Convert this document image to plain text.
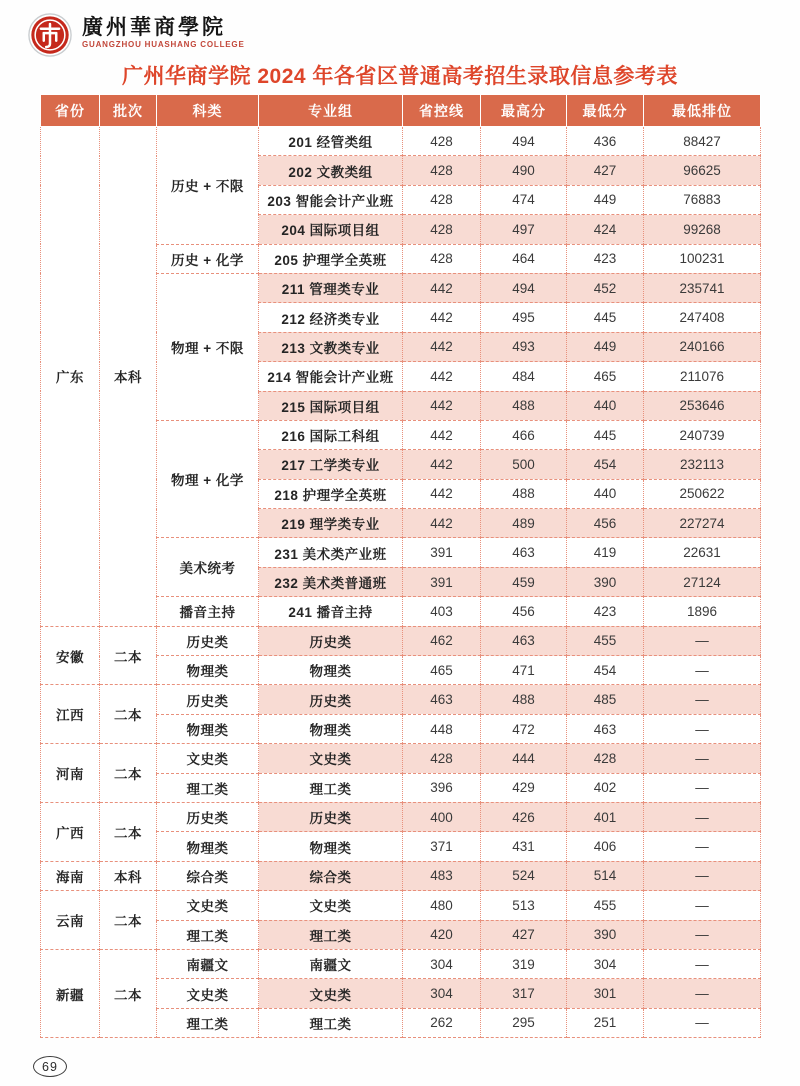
廣州華商學院
GUANGZHOU HUASHANG COLLEGE
广州华商学院 2024 年各省区普通高考招生录取信息参考表
省份	批次	科类	专业组	省控线	最高分	最低分	最低排位
广东	本科	历史 + 不限	201 经管类组	428	494	436	88427
			202 文教类组	428	490	427	96625
			203 智能会计产业班	428	474	449	76883
			204 国际项目组	428	497	424	99268
		历史 + 化学	205 护理学全英班	428	464	423	100231
		物理 + 不限	211 管理类专业	442	494	452	235741
			212 经济类专业	442	495	445	247408
			213 文教类专业	442	493	449	240166
			214 智能会计产业班	442	484	465	211076
			215 国际项目组	442	488	440	253646
		物理 + 化学	216 国际工科组	442	466	445	240739
			217 工学类专业	442	500	454	232113
			218 护理学全英班	442	488	440	250622
			219 理学类专业	442	489	456	227274
		美术统考	231 美术类产业班	391	463	419	22631
			232 美术类普通班	391	459	390	27124
		播音主持	241 播音主持	403	456	423	1896
安徽	二本	历史类	历史类	462	463	455	—
		物理类	物理类	465	471	454	—
江西	二本	历史类	历史类	463	488	485	—
		物理类	物理类	448	472	463	—
河南	二本	文史类	文史类	428	444	428	—
		理工类	理工类	396	429	402	—
广西	二本	历史类	历史类	400	426	401	—
		物理类	物理类	371	431	406	—
海南	本科	综合类	综合类	483	524	514	—
云南	二本	文史类	文史类	480	513	455	—
		理工类	理工类	420	427	390	—
新疆	二本	南疆文	南疆文	304	319	304	—
		文史类	文史类	304	317	301	—
		理工类	理工类	262	295	251	—
69
